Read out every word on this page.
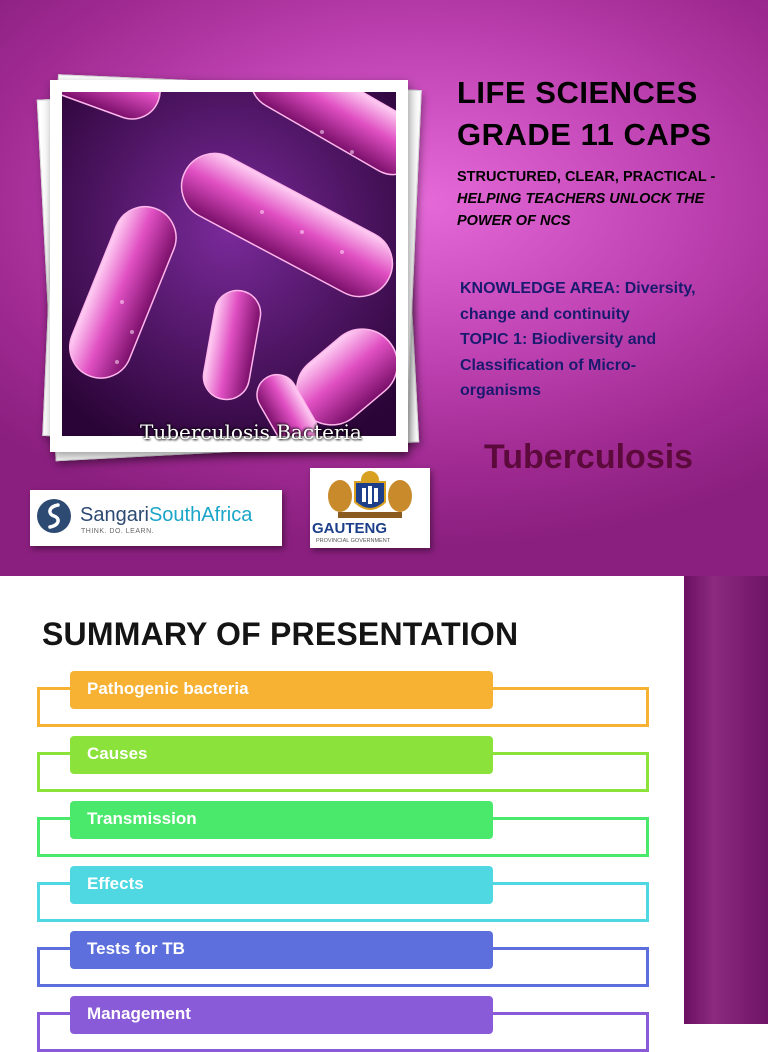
Tuberculosis Bacteria
LIFE SCIENCES
GRADE 11 CAPS
STRUCTURED, CLEAR, PRACTICAL -
HELPING TEACHERS UNLOCK THE POWER OF NCS
KNOWLEDGE AREA: Diversity,
change and continuity
TOPIC 1: Biodiversity and
Classification of Micro-
organisms
Tuberculosis
SangariSouthAfrica
THINK. DO. LEARN.	GAUTENG
PROVINCIAL GOVERNMENT
SUMMARY OF PRESENTATION
Pathogenic bacteria
Causes
Transmission
Effects
Tests for TB
Management
